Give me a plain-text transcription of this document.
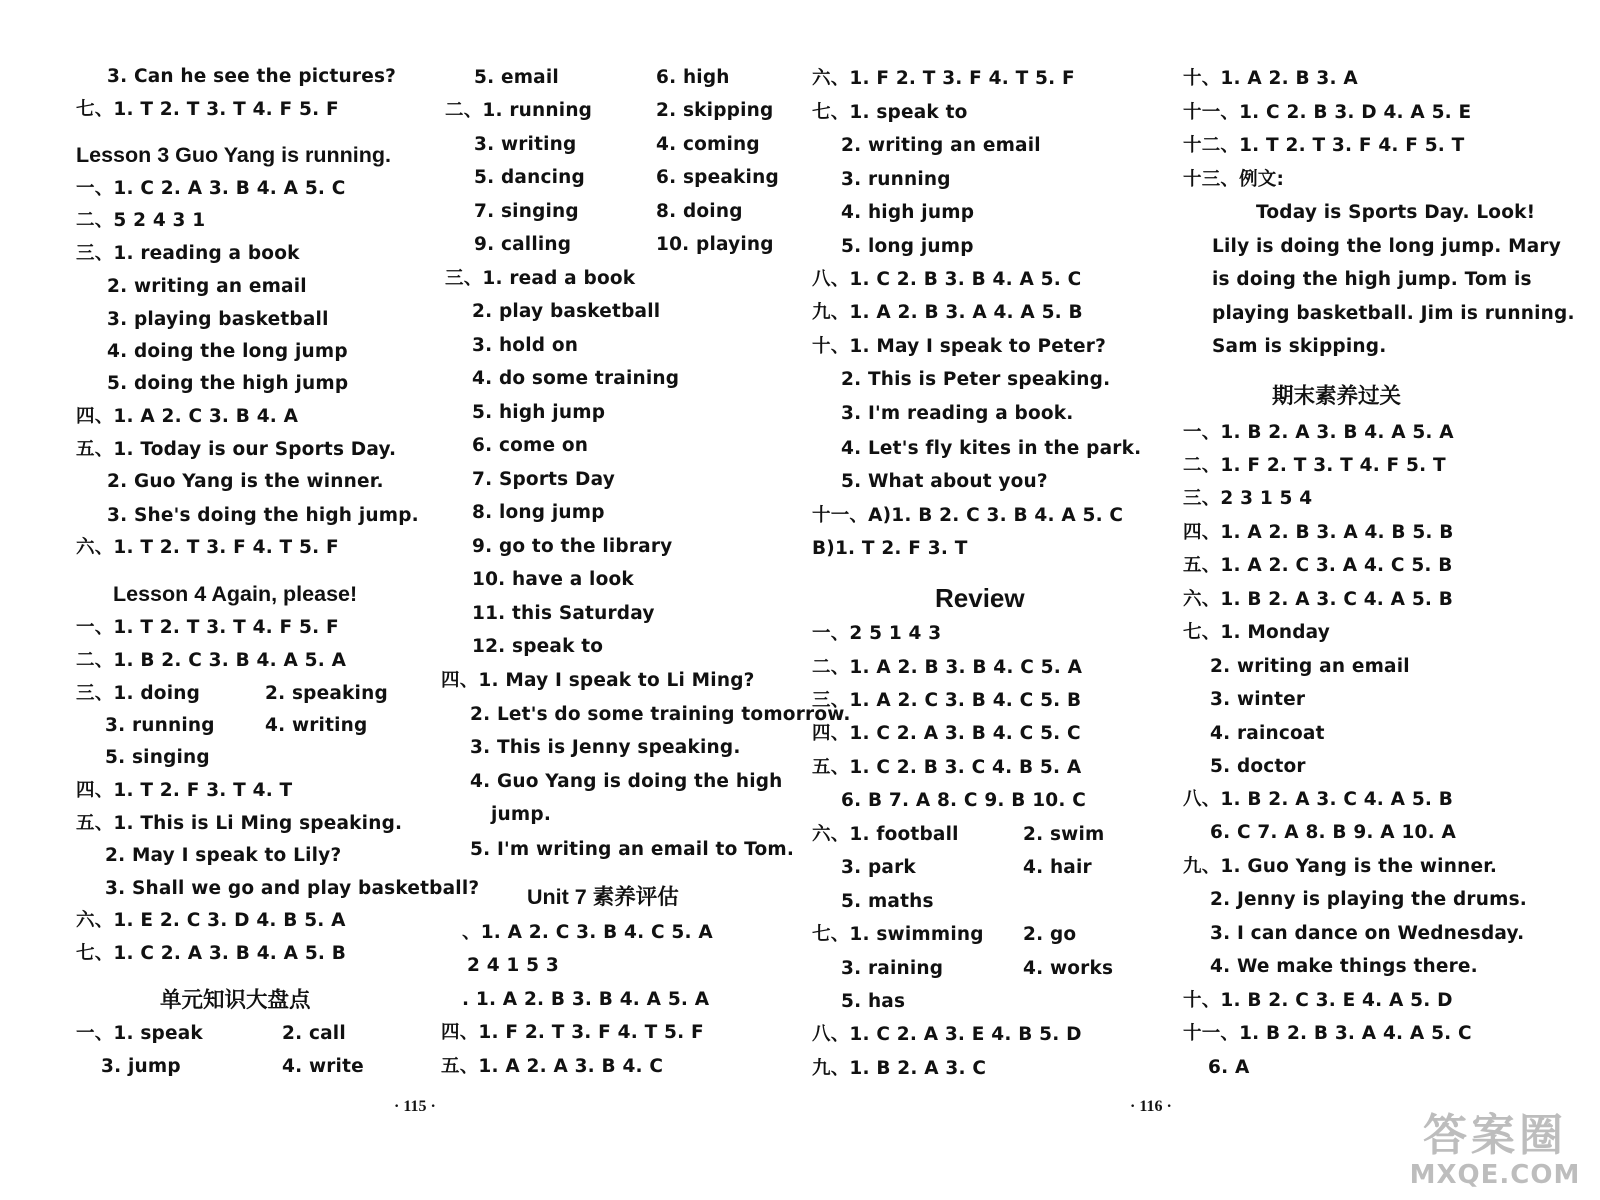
3. Can he see the pictures?
七、1. T 2. T 3. T 4. F 5. F
Lesson 3 Guo Yang is running.
一、1. C 2. A 3. B 4. A 5. C
二、5 2 4 3 1
三、1. reading a book
2. writing an email
3. playing basketball
4. doing the long jump
5. doing the high jump
四、1. A 2. C 3. B 4. A
五、1. Today is our Sports Day.
2. Guo Yang is the winner.
3. She's doing the high jump.
六、1. T 2. T 3. F 4. T 5. F
Lesson 4 Again, please!
一、1. T 2. T 3. T 4. F 5. F
二、1. B 2. C 3. B 4. A 5. A
三、1. doing	2. speaking
3. running	4. writing
5. singing
四、1. T 2. F 3. T 4. T
五、1. This is Li Ming speaking.
2. May I speak to Lily?
3. Shall we go and play basketball?
六、1. E 2. C 3. D 4. B 5. A
七、1. C 2. A 3. B 4. A 5. B
单元知识大盘点
一、1. speak	2. call
3. jump	4. write
5. email	6. high
二、1. running	2. skipping
3. writing	4. coming
5. dancing	6. speaking
7. singing	8. doing
9. calling	10. playing
三、1. read a book
2. play basketball
3. hold on
4. do some training
5. high jump
6. come on
7. Sports Day
8. long jump
9. go to the library
10. have a look
11. this Saturday
12. speak to
四、1. May I speak to Li Ming?
2. Let's do some training tomorrow.
3. This is Jenny speaking.
4. Guo Yang is doing the high
jump.
5. I'm writing an email to Tom.
Unit 7 素养评估
、1. A 2. C 3. B 4. C 5. A
2 4 1 5 3
. 1. A 2. B 3. B 4. A 5. A
四、1. F 2. T 3. F 4. T 5. F
五、1. A 2. A 3. B 4. C
· 115 ·
六、1. F 2. T 3. F 4. T 5. F
七、1. speak to
2. writing an email
3. running
4. high jump
5. long jump
八、1. C 2. B 3. B 4. A 5. C
九、1. A 2. B 3. A 4. A 5. B
十、1. May I speak to Peter?
2. This is Peter speaking.
3. I'm reading a book.
4. Let's fly kites in the park.
5. What about you?
十一、A)1. B 2. C 3. B 4. A 5. C
B)1. T 2. F 3. T
Review
一、2 5 1 4 3
二、1. A 2. B 3. B 4. C 5. A
三、1. A 2. C 3. B 4. C 5. B
四、1. C 2. A 3. B 4. C 5. C
五、1. C 2. B 3. C 4. B 5. A
6. B 7. A 8. C 9. B 10. C
六、1. football	2. swim
3. park	4. hair
5. maths
七、1. swimming 2. go
3. raining	4. works
5. has
八、1. C 2. A 3. E 4. B 5. D
九、1. B 2. A 3. C
十、1. A 2. B 3. A
十一、1. C 2. B 3. D 4. A 5. E
十二、1. T 2. T 3. F 4. F 5. T
十三、例文:
Today is Sports Day. Look!
Lily is doing the long jump. Mary
is doing the high jump. Tom is
playing basketball. Jim is running.
Sam is skipping.
期末素养过关
一、1. B 2. A 3. B 4. A 5. A
二、1. F 2. T 3. T 4. F 5. T
三、2 3 1 5 4
四、1. A 2. B 3. A 4. B 5. B
五、1. A 2. C 3. A 4. C 5. B
六、1. B 2. A 3. C 4. A 5. B
七、1. Monday
2. writing an email
3. winter
4. raincoat
5. doctor
八、1. B 2. A 3. C 4. A 5. B
6. C 7. A 8. B 9. A 10. A
九、1. Guo Yang is the winner.
2. Jenny is playing the drums.
3. I can dance on Wednesday.
4. We make things there.
十、1. B 2. C 3. E 4. A 5. D
十一、1. B 2. B 3. A 4. A 5. C
6. A
· 116 ·
答案圈
MXQE.COM
